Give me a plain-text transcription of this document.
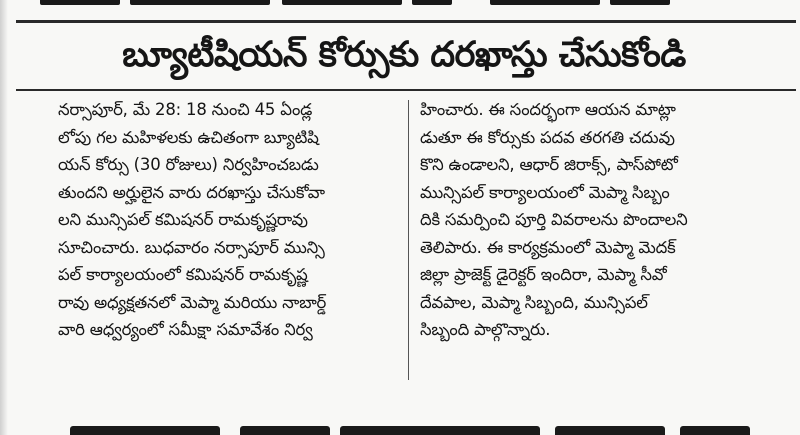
బ్యూటీషియన్ కోర్సుకు దరఖాస్తు చేసుకోండి
నర్సాపూర్, మే 28: 18 నుంచి 45 ఏండ్ల
లోపు గల మహిళలకు ఉచితంగా బ్యూటిషి
యన్ కోర్సు (30 రోజులు) నిర్వహించబడు
తుందని అర్హులైన వారు దరఖాస్తు చేసుకోవా
లని మున్సిపల్ కమిషనర్ రామకృష్ణరావు
సూచించారు. బుధవారం నర్సాపూర్ మున్సి
పల్ కార్యాలయంలో కమిషనర్ రామకృష్ణ
రావు అధ్యక్షతనలో మెప్మా మరియు నాబార్డ్
వారి ఆధ్వర్యంలో సమీక్షా సమావేశం నిర్వ
హించారు. ఈ సందర్భంగా ఆయన మాట్లా
డుతూ ఈ కోర్సుకు పదవ తరగతి చదువు
కొని ఉండాలని, ఆధార్ జిరాక్స్, పాస్‌పోటో
మున్సిపల్ కార్యాలయంలో మెప్మా సిబ్బం
దికి సమర్పించి పూర్తి వివరాలను పొందాలని
తెలిపారు. ఈ కార్యక్రమంలో మెప్మా మెదక్
జిల్లా ప్రాజెక్ట్ డైరెక్టర్ ఇందిరా, మెప్మా సీవో
దేవపాల, మెప్మా సిబ్బంది, మున్సిపల్
సిబ్బంది పాల్గొన్నారు.
